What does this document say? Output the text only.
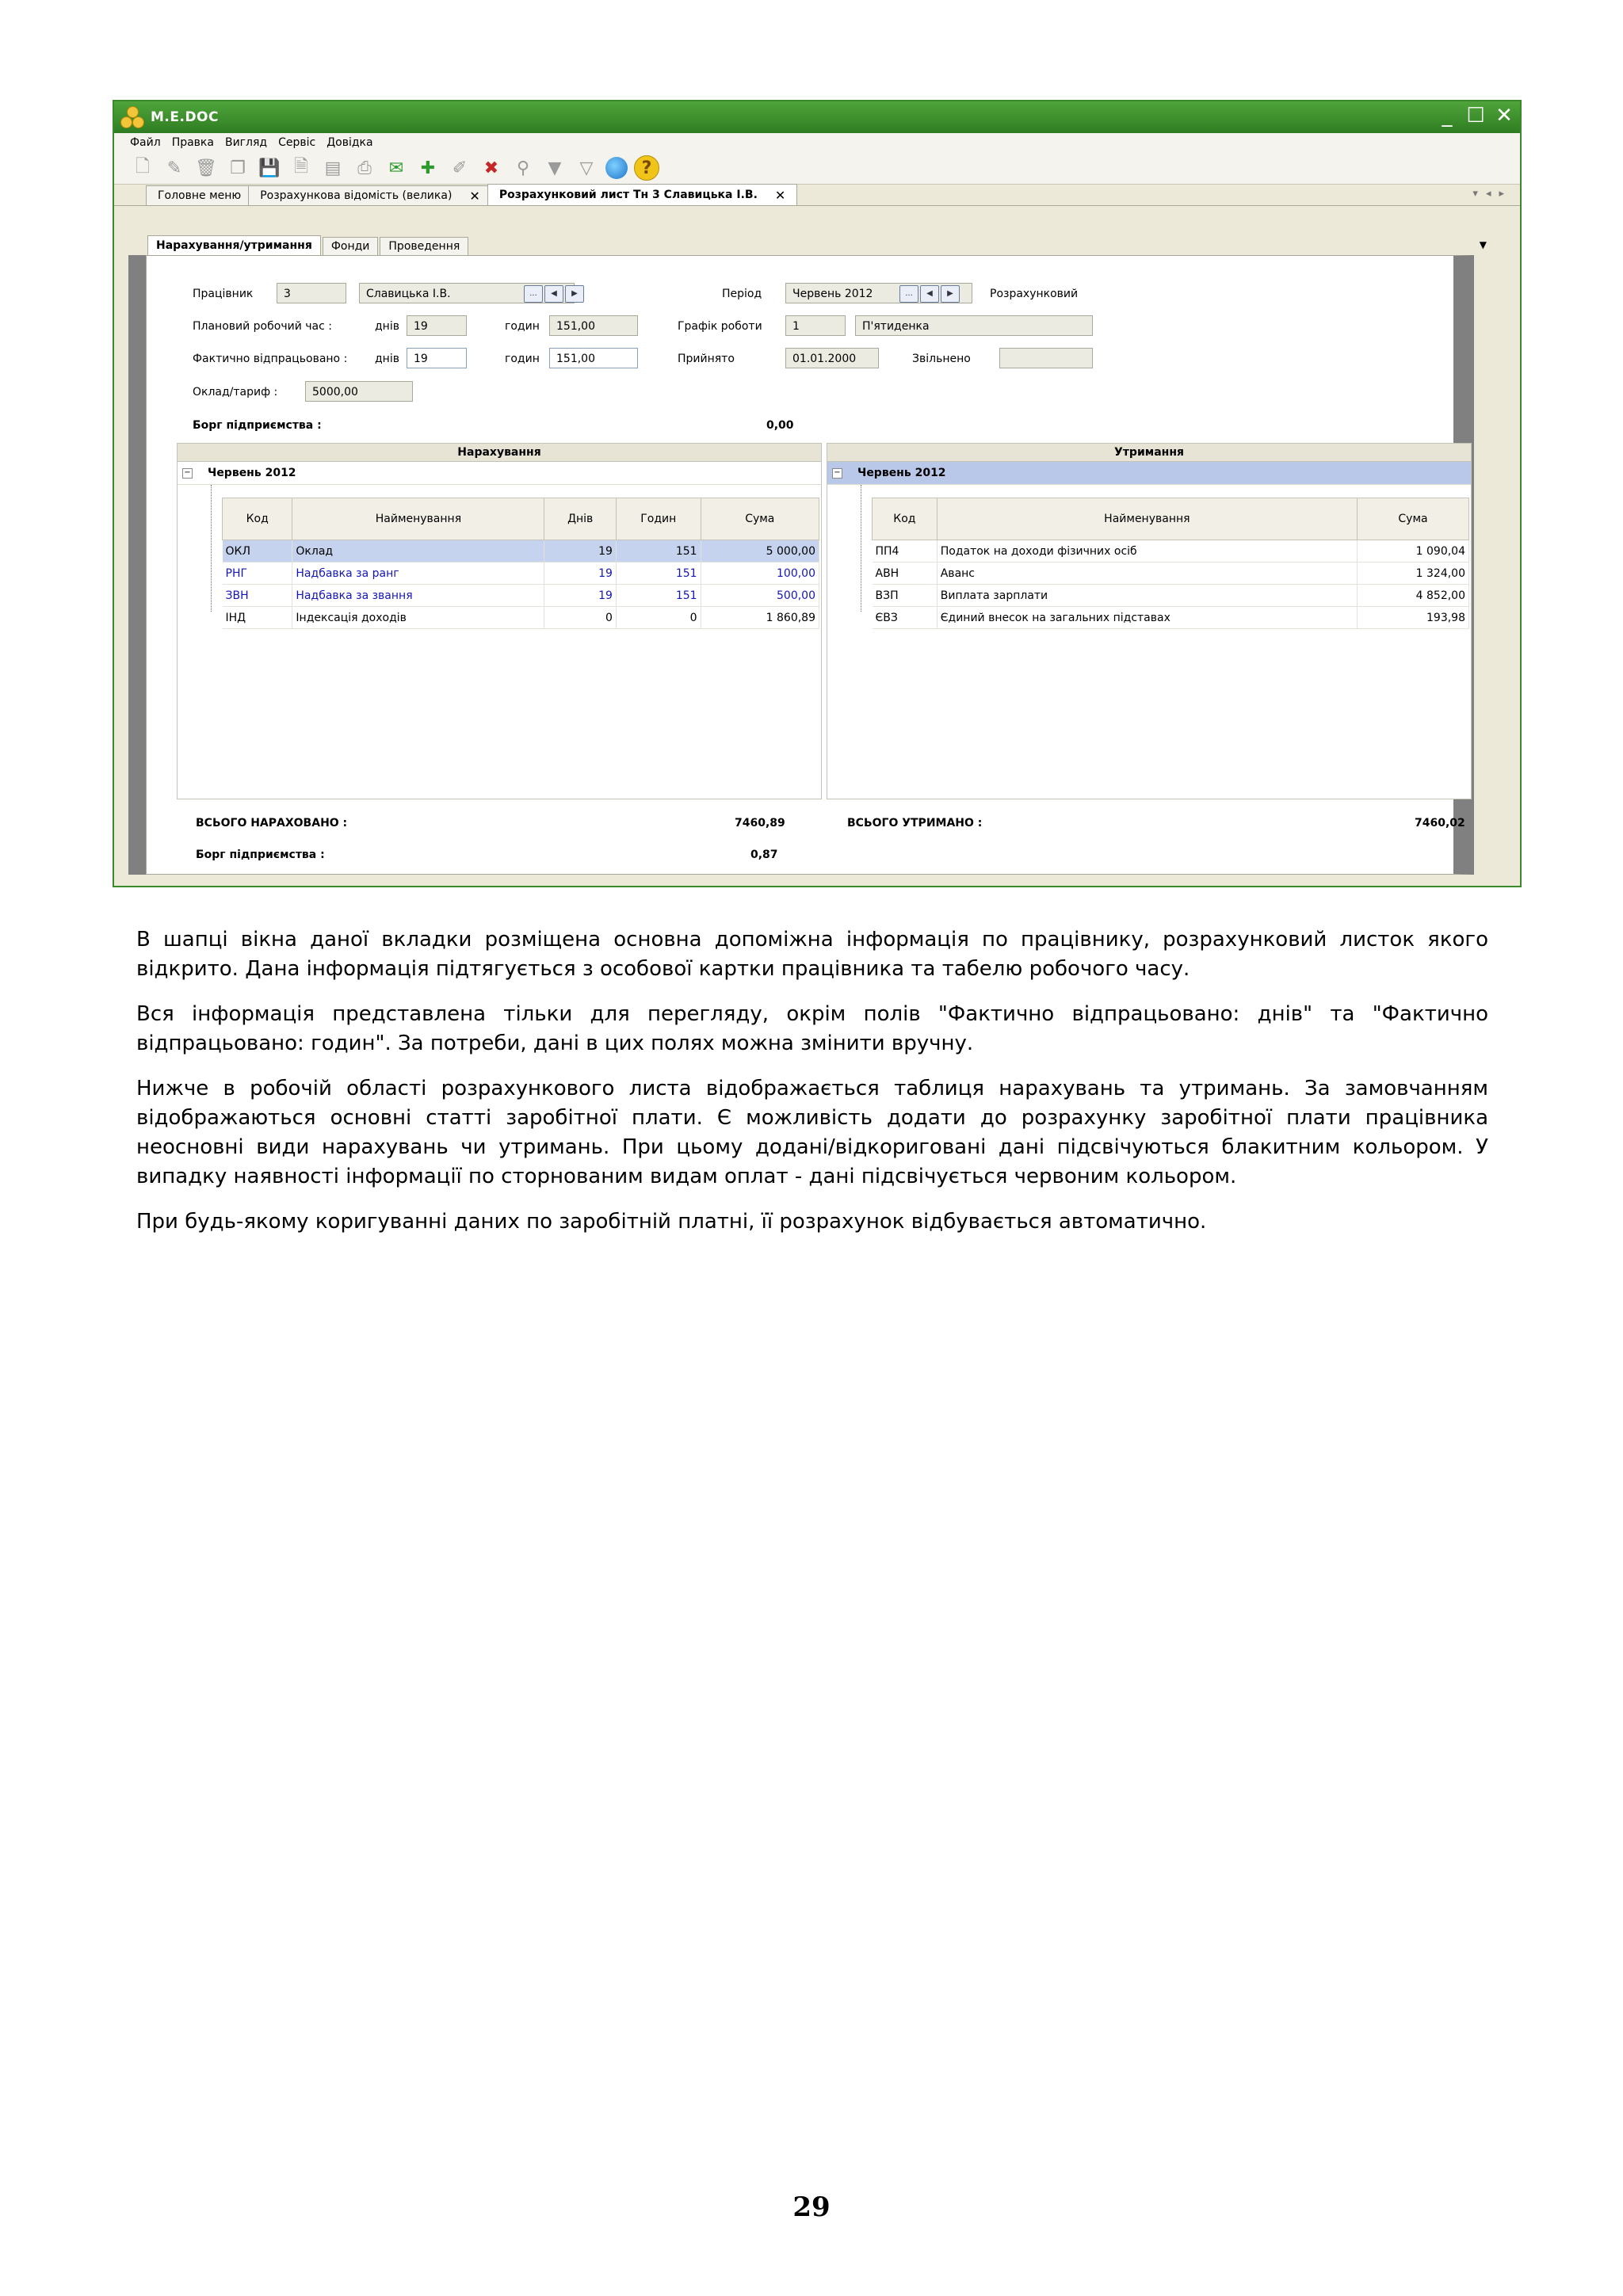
M.E.DOC	_ ☐ ✕
Файл Правка Вигляд Сервіс Довідка
🗋 ✎ 🗑 ❐ 💾 🗎 ▤ ⎙ ✉ ✚ ✐ ✖	⚲	▼	▽	?
Головне меню Розрахункова відомість (велика) ✕ Розрахунковий лист Тн 3 Славицька І.В. ✕	▾◂▸
Нарахування/утримання	Фонди	Проведення	▼
Працівник	3	Славицька І.В.	...	◀	▶	Період	Червень 2012	...	◀	▶	Розрахунковий
Плановий робочий час :	днів	19	годин	151,00	Графік роботи	1	П'ятиденка
Фактично відпрацьовано : днів	19	годин	151,00	Прийнято	01.01.2000	Звільнено
Оклад/тариф :	5000,00
Борг підприємства :	0,00
Нарахування
− Червень 2012
Код	Найменування	Днів	Годин	Сума
ОКЛ	Оклад	19	151	5 000,00
РНГ	Надбавка за ранг	19	151	100,00
ЗВН	Надбавка за звання	19	151	500,00
ІНД	Індексація доходів	0	0	1 860,89
Утримання
− Червень 2012
Код	Найменування	Сума
ПП4	Податок на доходи фізичних осіб	1 090,04
АВН	Аванс	1 324,00
ВЗП	Виплата зарплати	4 852,00
ЄВЗ	Єдиний внесок на загальних підставах	193,98
ВСЬОГО НАРАХОВАНО :	7460,89	ВСЬОГО УТРИМАНО :	7460,02
Борг підприємства :	0,87

В шапці вікна даної вкладки розміщена основна допоміжна інформація по працівнику, розрахунковий листок якого відкрито. Дана інформація підтягується з особової картки працівника та табелю робочого часу.

Вся інформація представлена тільки для перегляду, окрім полів "Фактично відпрацьовано: днів" та "Фактично відпрацьовано: годин". За потреби, дані в цих полях можна змінити вручну.

Нижче в робочій області розрахункового листа відображається таблиця нарахувань та утримань. За замовчанням відображаються основні статті заробітної плати. Є можливість додати до розрахунку заробітної плати працівника неосновні види нарахувань чи утримань. При цьому додані/відкориговані дані підсвічуються блакитним кольором. У випадку наявності інформації по сторнованим видам оплат - дані підсвічується червоним кольором.

При будь-якому коригуванні даних по заробітній платні, її розрахунок відбувається автоматично.

29
